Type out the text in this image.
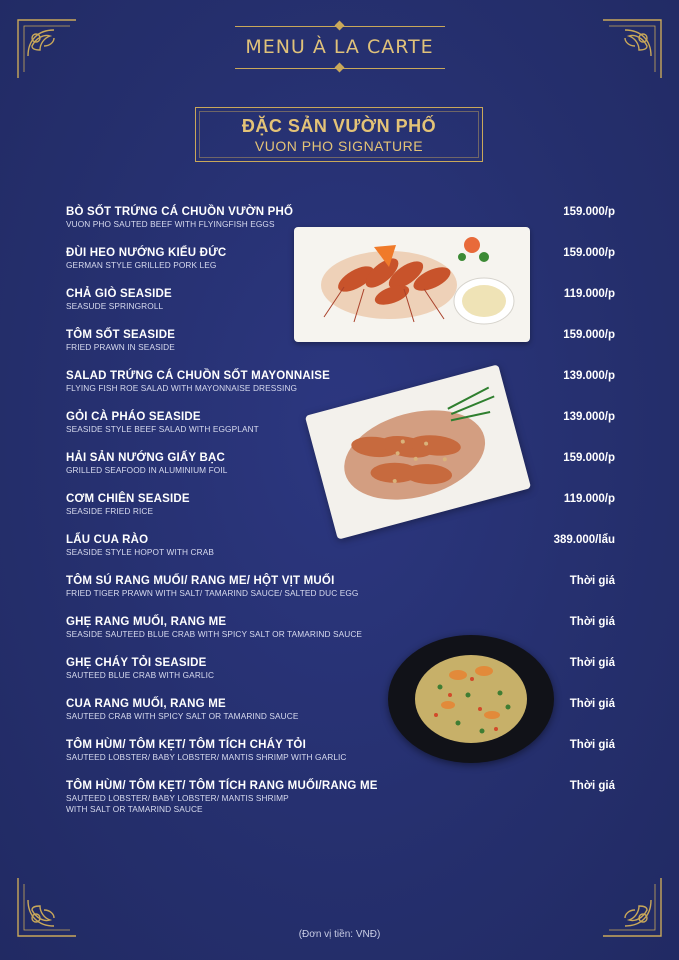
MENU À LA CARTE
ĐẶC SẢN VƯỜN PHỐ
VUON PHO SIGNATURE
BÒ SỐT TRỨNG CÁ CHUỒN VƯỜN PHỐ
VUON PHO SAUTED BEEF WITH FLYINGFISH EGGS
159.000/p
ĐÙI HEO NƯỚNG KIỂU ĐỨC
GERMAN STYLE GRILLED PORK LEG
159.000/p
CHẢ GIÒ SEASIDE
SEASUDE SPRINGROLL
119.000/p
TÔM SỐT SEASIDE
FRIED PRAWN IN SEASIDE
159.000/p
SALAD TRỨNG CÁ CHUỒN SỐT MAYONNAISE
FLYING FISH ROE SALAD WITH MAYONNAISE DRESSING
139.000/p
GỎI CÀ PHÁO SEASIDE
SEASIDE STYLE BEEF SALAD WITH EGGPLANT
139.000/p
HẢI SẢN NƯỚNG GIẤY BẠC
GRILLED SEAFOOD IN ALUMINIUM FOIL
159.000/p
CƠM CHIÊN SEASIDE
SEASIDE FRIED RICE
119.000/p
LẨU CUA RÀO
SEASIDE STYLE HOPOT WITH CRAB
389.000/lẩu
TÔM SÚ RANG MUỐI/ RANG ME/ HỘT VỊT MUỐI
FRIED TIGER PRAWN WITH SALT/ TAMARIND SAUCE/ SALTED DUC EGG
Thời giá
GHẸ RANG MUỐI, RANG ME
SEASIDE SAUTEED BLUE CRAB WITH SPICY SALT OR TAMARIND SAUCE
Thời giá
GHẸ CHÁY TỎI SEASIDE
SAUTEED BLUE CRAB WITH GARLIC
Thời giá
CUA RANG MUỐI, RANG ME
SAUTEED CRAB WITH SPICY SALT OR TAMARIND SAUCE
Thời giá
TÔM HÙM/ TÔM KẸT/ TÔM TÍCH CHÁY TỎI
SAUTEED LOBSTER/ BABY LOBSTER/ MANTIS SHRIMP WITH GARLIC
Thời giá
TÔM HÙM/ TÔM KẸT/ TÔM TÍCH RANG MUỐI/RANG ME
SAUTEED LOBSTER/ BABY LOBSTER/ MANTIS SHRIMP
WITH SALT OR TAMARIND SAUCE
Thời giá
(Đơn vị tiền: VNĐ)
